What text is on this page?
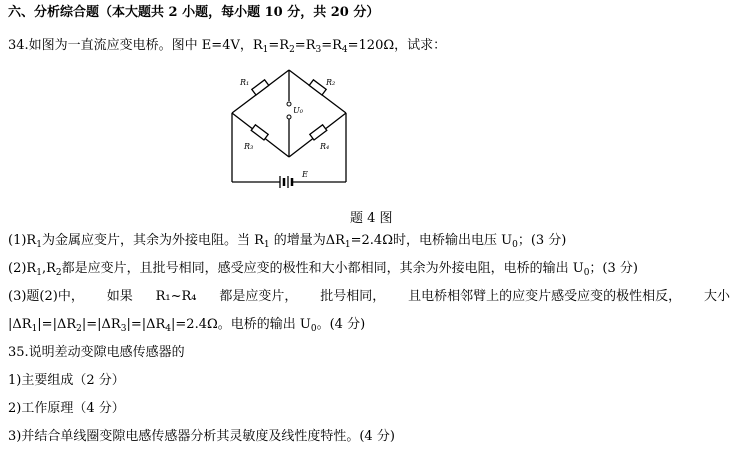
六、分析综合题（本大题共 2 小题，每小题 10 分，共 20 分）
34.如图为一直流应变电桥。图中 E=4V，$R_1=R_2=R_3=R_4=120\Omega$，试求：
R₁	R₂
R₃	R₄
U₀
E
题 4 图
$(1)R_1$为金属应变片，其余为外接电阻。当 $R_1$ 的增量为$\Delta R_1=2.4\Omega$时，电桥输出电压 $U_0$；(3 分)
$(2)R_1,R_2$都是应变片，且批号相同，感受应变的极性和大小都相同，其余为外接电阻，电桥的输出 $U_0$；(3 分)
(3)题(2)中， 如果 R₁~R₄ 都是应变片， 批号相同， 且电桥相邻臂上的应变片感受应变的极性相反， 大小
$|\Delta R_1|=|\Delta R_2|=|\Delta R_3|=|\Delta R_4|=2.4\Omega$。电桥的输出 $U_0$。(4 分)
35.说明差动变隙电感传感器的
1)主要组成（2 分）
2)工作原理（4 分）
3)并结合单线圈变隙电感传感器分析其灵敏度及线性度特性。(4 分)
